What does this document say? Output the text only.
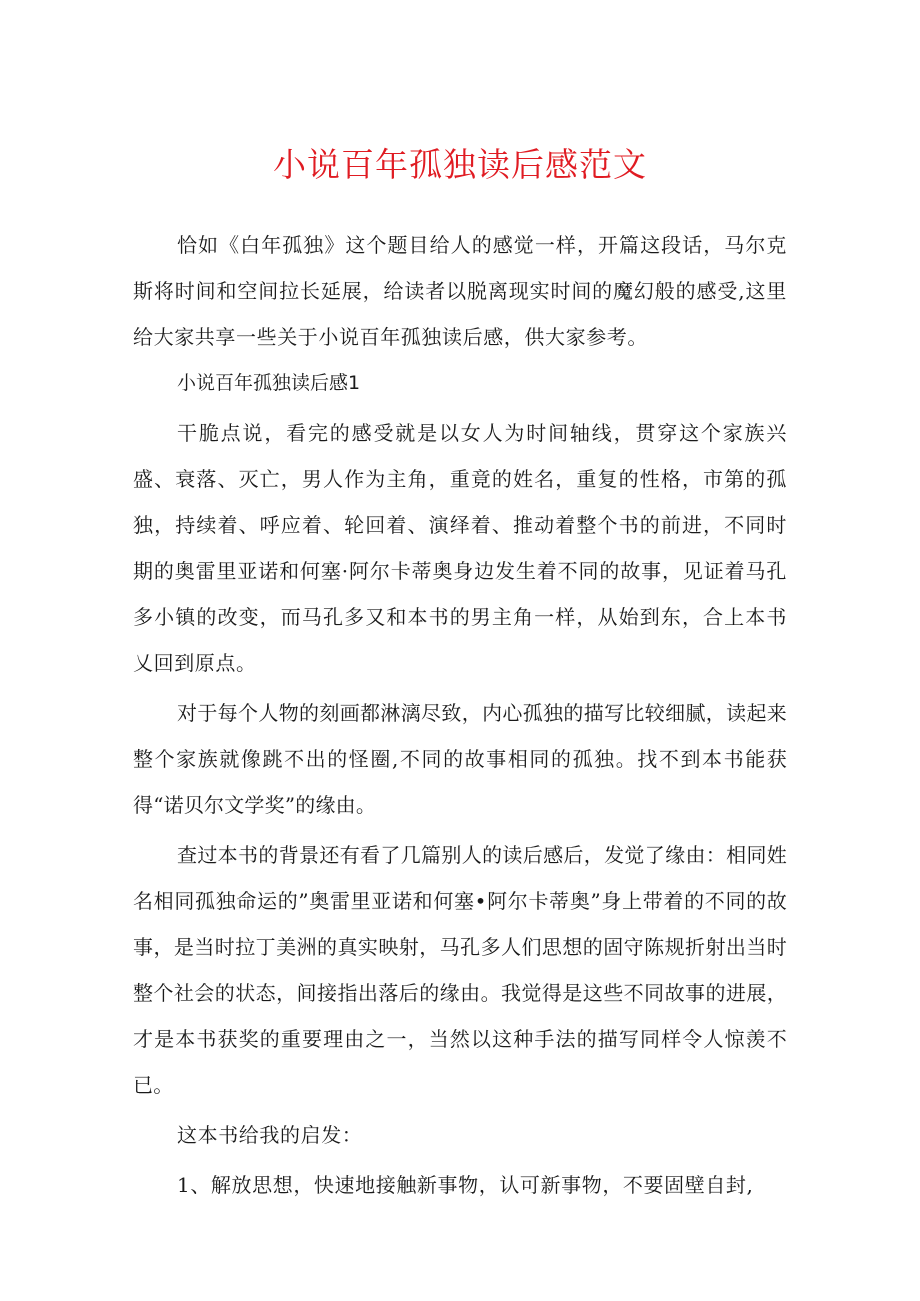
小说百年孤独读后感范文

恰如《白年孤独》这个题目给人的感觉一样，开篇这段话，马尔克斯将时间和空间拉长延展，给读者以脱离现实时间的魔幻般的感受,这里给大家共享一些关于小说百年孤独读后感，供大家参考。

小说百年孤独读后感1

干脆点说，看完的感受就是以女人为时间轴线，贯穿这个家族兴盛、衰落、灭亡，男人作为主角，重竟的姓名，重复的性格，市第的孤独，持续着、呼应着、轮回着、演绎着、推动着整个书的前进，不同时期的奥雷里亚诺和何塞·阿尔卡蒂奥身边发生着不同的故事，见证着马孔多小镇的改变，而马孔多又和本书的男主角一样，从始到东，合上本书乂回到原点。

对于每个人物的刻画都淋漓尽致，内心孤独的描写比较细腻，读起来整个家族就像跳不出的怪圈,不同的故事相同的孤独。找不到本书能获得“诺贝尔文学奖”的缘由。

查过本书的背景还有看了几篇别人的读后感后，发觉了缘由：相同姓名相同孤独命运的”奥雷里亚诺和何塞•阿尔卡蒂奥”身上带着的不同的故事，是当时拉丁美洲的真实映射，马孔多人们思想的固守陈规折射出当时整个社会的状态，间接指出落后的缘由。我觉得是这些不同故事的进展，才是本书获奖的重要理由之一，当然以这种手法的描写同样令人惊羡不已。

这本书给我的启发：

1、解放思想，快速地接触新事物，认可新事物，不要固壁自封,
